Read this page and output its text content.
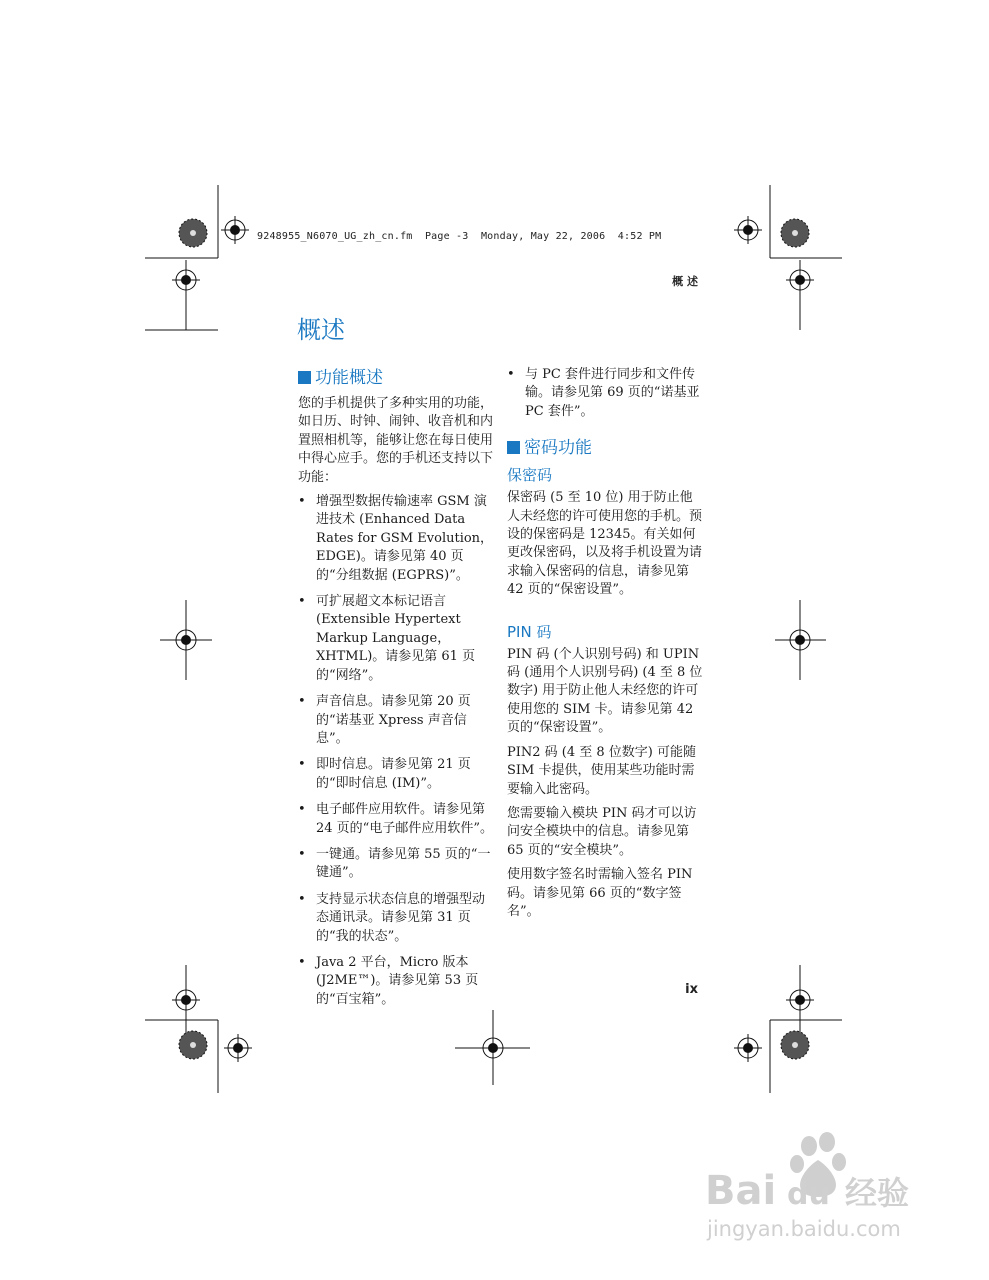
9248955_N6070_UG_zh_cn.fm  Page -3  Monday, May 22, 2006  4:52 PM
概 述
概述
功能概述

您的手机提供了多种实用的功能，如日历、时钟、闹钟、收音机和内置照相机等，能够让您在每日使用中得心应手。您的手机还支持以下功能：

• 增强型数据传输速率 GSM 演进技术 (Enhanced Data Rates for GSM Evolution，EDGE)。请参见第 40 页的“分组数据 (EGPRS)”。
• 可扩展超文本标记语言 (Extensible Hypertext Markup Language，XHTML)。请参见第 61 页的“网络”。
• 声音信息。请参见第 20 页的“诺基亚 Xpress 声音信息”。
• 即时信息。请参见第 21 页的“即时信息 (IM)”。
• 电子邮件应用软件。请参见第 24 页的“电子邮件应用软件”。
• 一键通。请参见第 55 页的“一键通”。
• 支持显示状态信息的增强型动态通讯录。请参见第 31 页的“我的状态”。
• Java 2 平台，Micro 版本 (J2ME™)。请参见第 53 页的“百宝箱”。
• 与 PC 套件进行同步和文件传输。请参见第 69 页的“诺基亚 PC 套件”。
密码功能
保密码

保密码 (5 至 10 位) 用于防止他人未经您的许可使用您的手机。预设的保密码是 12345。有关如何更改保密码，以及将手机设置为请求输入保密码的信息，请参见第 42 页的“保密设置”。

PIN 码

PIN 码 (个人识别号码) 和 UPIN 码 (通用个人识别号码) (4 至 8 位数字) 用于防止他人未经您的许可使用您的 SIM 卡。请参见第 42 页的“保密设置”。

PIN2 码 (4 至 8 位数字) 可能随 SIM 卡提供，使用某些功能时需要输入此密码。

您需要输入模块 PIN 码才可以访问安全模块中的信息。请参见第 65 页的“安全模块”。

使用数字签名时需输入签名 PIN 码。请参见第 66 页的“数字签名”。

ix
Bai du 经验
jingyan.baidu.com
